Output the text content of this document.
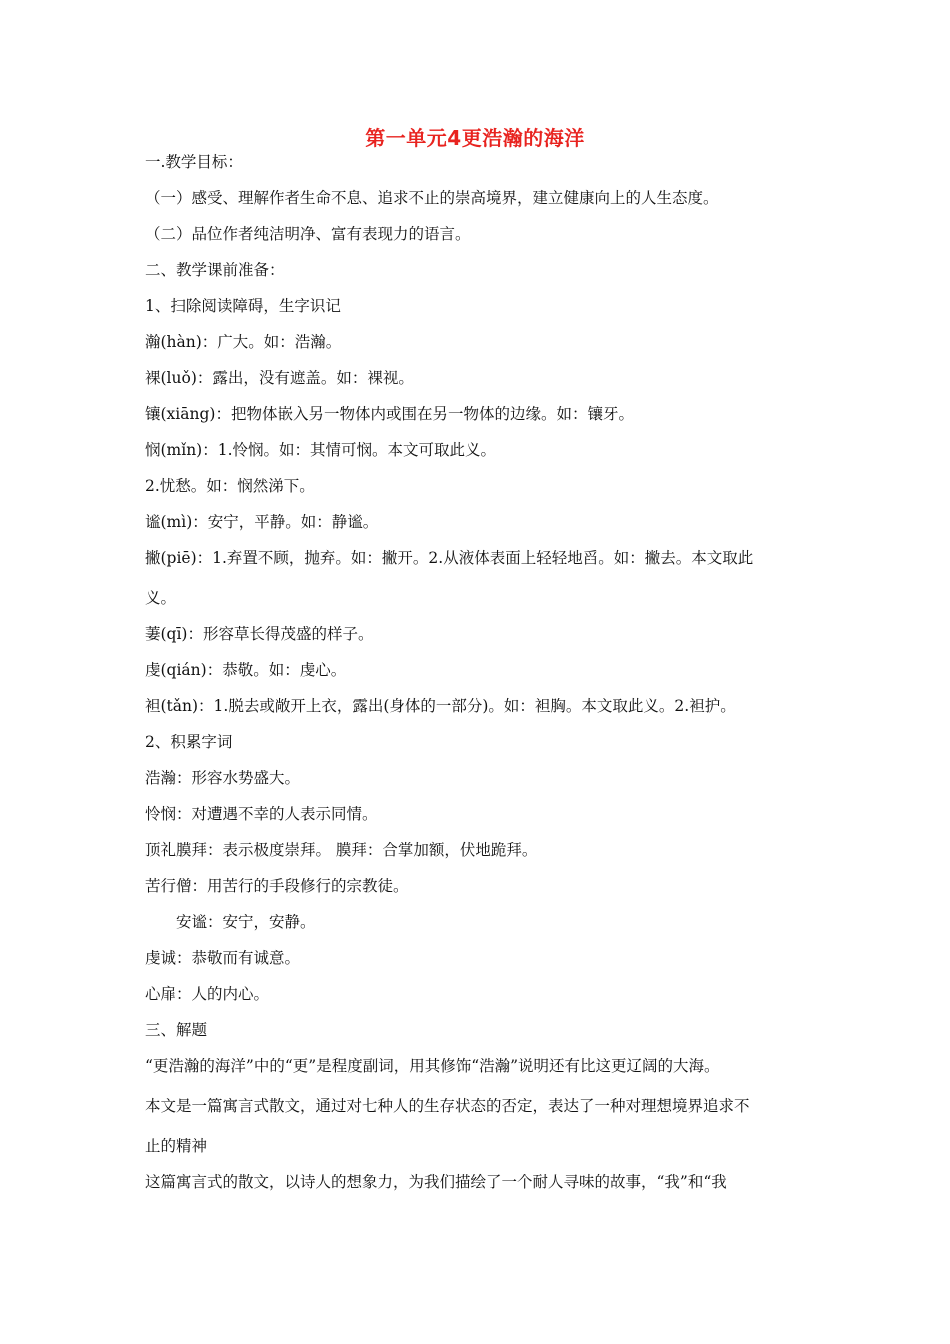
第一单元4更浩瀚的海洋
一.教学目标：
（一）感受、理解作者生命不息、追求不止的崇高境界，建立健康向上的人生态度。
（二）品位作者纯洁明净、富有表现力的语言。
二、教学课前准备：
1、扫除阅读障碍，生字识记
瀚(hàn)：广大。如：浩瀚。
裸(luǒ)：露出，没有遮盖。如：裸视。
镶(xiāng)：把物体嵌入另一物体内或围在另一物体的边缘。如：镶牙。
悯(mǐn)：1.怜悯。如：其情可悯。本文可取此义。
2.忧愁。如：悯然涕下。
谧(mì)：安宁，平静。如：静谧。
撇(piē)：1.弃置不顾，抛弃。如：撇开。2.从液体表面上轻轻地舀。如：撇去。本文取此
义。
萋(qī)：形容草长得茂盛的样子。
虔(qián)：恭敬。如：虔心。
袒(tǎn)：1.脱去或敞开上衣，露出(身体的一部分)。如：袒胸。本文取此义。2.袒护。
2、积累字词
浩瀚：形容水势盛大。
怜悯：对遭遇不幸的人表示同情。
顶礼膜拜：表示极度崇拜。 膜拜：合掌加额，伏地跪拜。
苦行僧：用苦行的手段修行的宗教徒。
　　安谧：安宁，安静。
虔诚：恭敬而有诚意。
心扉：人的内心。
三、解题
“更浩瀚的海洋”中的“更”是程度副词，用其修饰“浩瀚”说明还有比这更辽阔的大海。
本文是一篇寓言式散文，通过对七种人的生存状态的否定，表达了一种对理想境界追求不
止的精神
这篇寓言式的散文，以诗人的想象力，为我们描绘了一个耐人寻味的故事，“我”和“我
